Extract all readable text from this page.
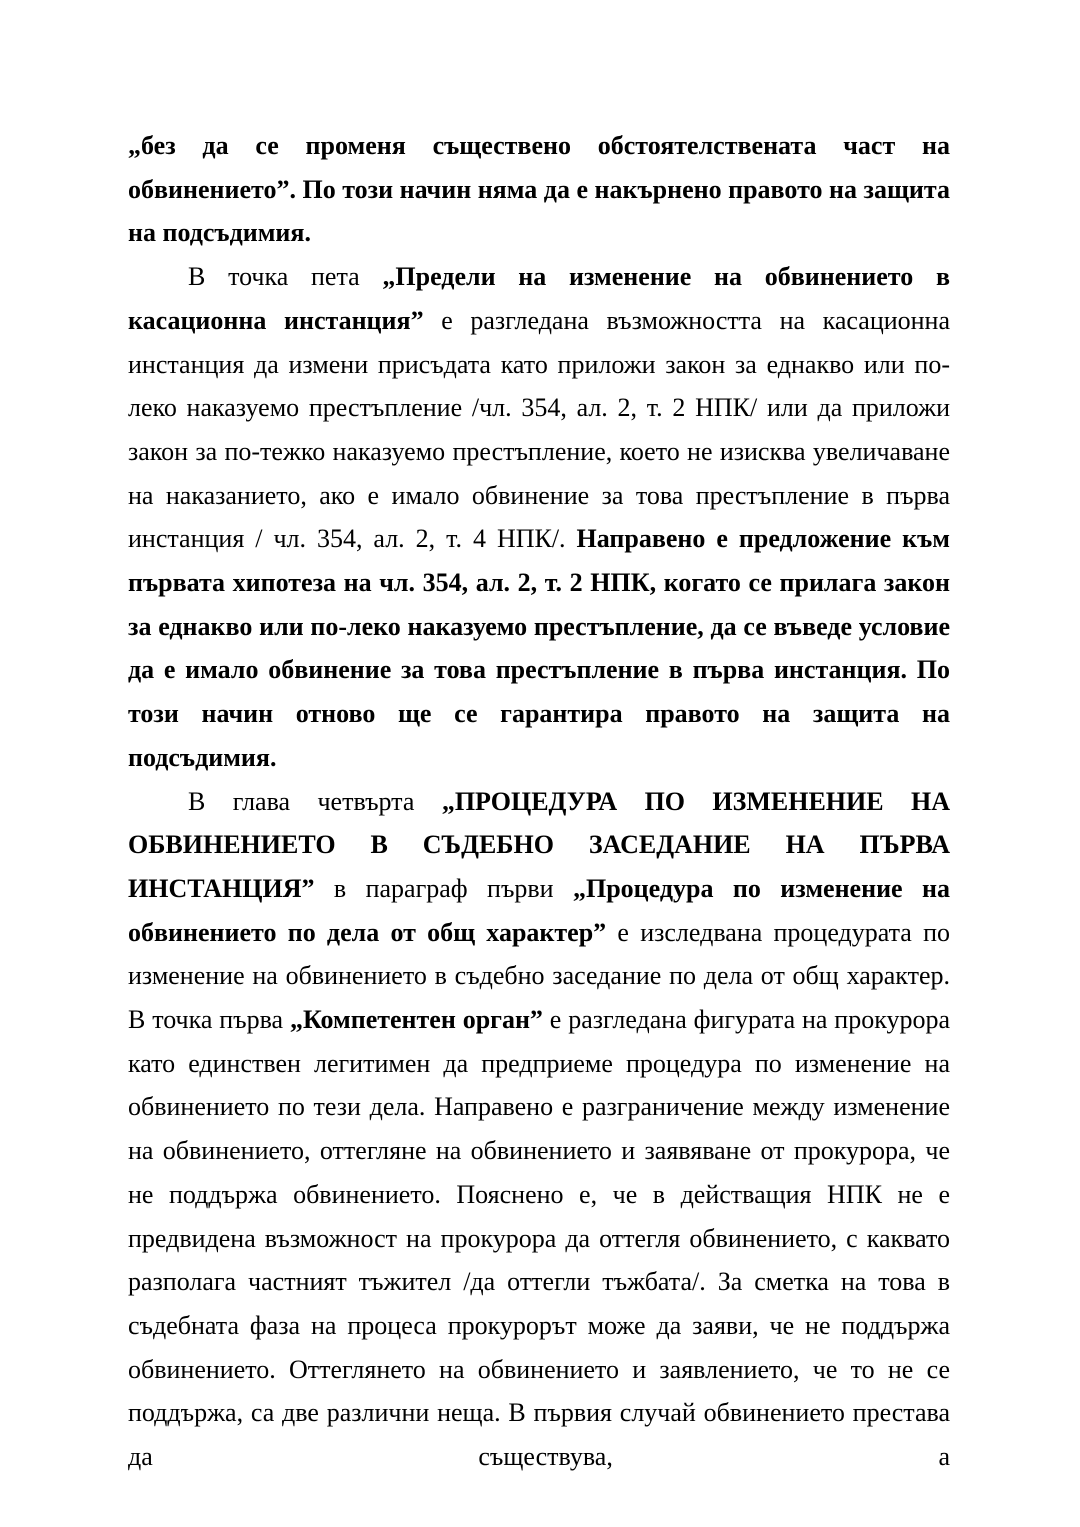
„без да се променя съществено обстоятелствената част на обвинението”. По този начин няма да е накърнено правото на защита на подсъдимия.

В точка пета „Предели на изменение на обвинението в касационна инстанция” е разгледана възможността на касационна инстанция да измени присъдата като приложи закон за еднакво или по-леко наказуемо престъпление /чл. 354, ал. 2, т. 2 НПК/ или да приложи закон за по-тежко наказуемо престъпление, което не изисква увеличаване на наказанието, ако е имало обвинение за това престъпление в първа инстанция / чл. 354, ал. 2, т. 4 НПК/. Направено е предложение към първата хипотеза на чл. 354, ал. 2, т. 2 НПК, когато се прилага закон за еднакво или по-леко наказуемо престъпление, да се въведе условие да е имало обвинение за това престъпление в първа инстанция. По този начин отново ще се гарантира правото на защита на подсъдимия.

В глава четвърта „ПРОЦЕДУРА ПО ИЗМЕНЕНИЕ НА ОБВИНЕНИЕТО В СЪДЕБНО ЗАСЕДАНИЕ НА ПЪРВА ИНСТАНЦИЯ” в параграф първи „Процедура по изменение на обвинението по дела от общ характер” е изследвана процедурата по изменение на обвинението в съдебно заседание по дела от общ характер. В точка първа „Компетентен орган” е разгледана фигурата на прокурора като единствен легитимен да предприеме процедура по изменение на обвинението по тези дела. Направено е разграничение между изменение на обвинението, оттегляне на обвинението и заявяване от прокурора, че не поддържа обвинението. Пояснено е, че в действащия НПК не е предвидена възможност на прокурора да оттегля обвинението, с каквато разполага частният тъжител /да оттегли тъжбата/. За сметка на това в съдебната фаза на процеса прокурорът може да заяви, че не поддържа обвинението. Оттеглянето на обвинението и заявлението, че то не се поддържа, са две различни неща. В първия случай обвинението престава да съществува, а
